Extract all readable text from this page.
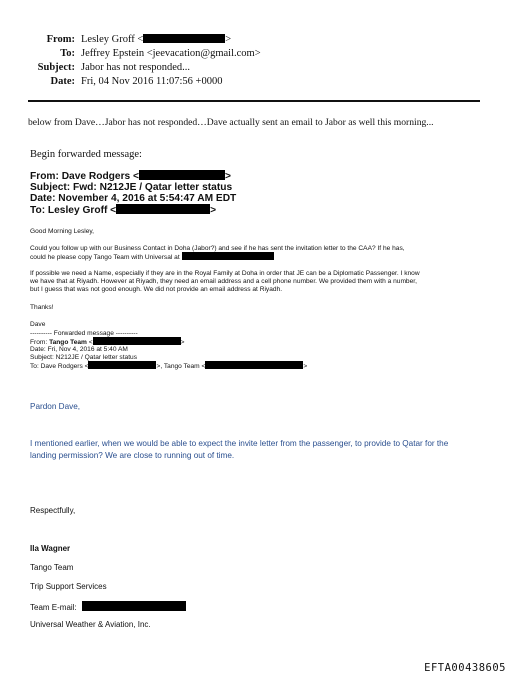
From: Lesley Groff <	>
To: Jeffrey Epstein <jeevacation@gmail.com>
Subject: Jabor has not responded...
Date: Fri, 04 Nov 2016 11:07:56 +0000
below from Dave…Jabor has not responded…Dave actually sent an email to Jabor as well this morning...
Begin forwarded message:
From: Dave Rodgers <	>
Subject: Fwd: N212JE / Qatar letter status
Date: November 4, 2016 at 5:54:47 AM EDT
To: Lesley Groff <	>
Good Morning Lesley,
Could you follow up with our Business Contact in Doha (Jabor?) and see if he has sent the invitation letter to the CAA? If he has,
could he please copy Tango Team with Universal at
If possible we need a Name, especially if they are in the Royal Family at Doha in order that JE can be a Diplomatic Passenger. I know
we have that at Riyadh. However at Riyadh, they need an email address and a cell phone number. We provided them with a number,
but I guess that was not good enough. We did not provide an email address at Riyadh.
Thanks!
Dave
---------- Forwarded message ----------
From: Tango Team <	>
Date: Fri, Nov 4, 2016 at 5:40 AM
Subject: N212JE / Qatar letter status
To: Dave Rodgers <	>, Tango Team <	>
Pardon Dave,
I mentioned earlier, when we would be able to expect the invite letter from the passenger, to provide to Qatar for the
landing permission? We are close to running out of time.
Respectfully,
Ila Wagner
Tango Team
Trip Support Services
Team E-mail:
Universal Weather & Aviation, Inc.
EFTA00438605
